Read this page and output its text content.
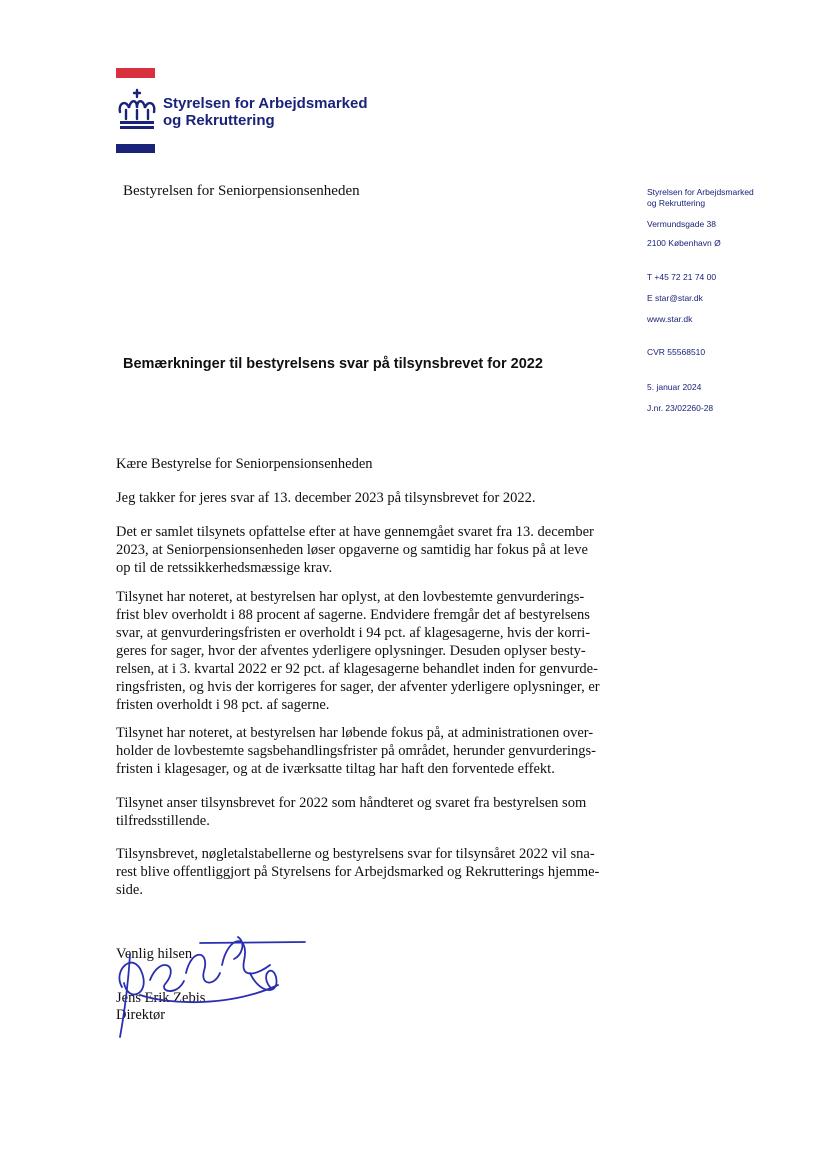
Styrelsen for Arbejdsmarked
og Rekruttering
Bestyrelsen for Seniorpensionsenheden	Styrelsen for Arbejdsmarked
og Rekruttering
Vermundsgade 38
2100 København Ø
T +45 72 21 74 00
E star@star.dk
www.star.dk
CVR 55568510
5. januar 2024
J.nr. 23/02260-28
Bemærkninger til bestyrelsens svar på tilsynsbrevet for 2022
Kære Bestyrelse for Seniorpensionsenheden
Jeg takker for jeres svar af 13. december 2023 på tilsynsbrevet for 2022.
Det er samlet tilsynets opfattelse efter at have gennemgået svaret fra 13. december
2023, at Seniorpensionsenheden løser opgaverne og samtidig har fokus på at leve
op til de retssikkerhedsmæssige krav.
Tilsynet har noteret, at bestyrelsen har oplyst, at den lovbestemte genvurderings-
frist blev overholdt i 88 procent af sagerne. Endvidere fremgår det af bestyrelsens
svar, at genvurderingsfristen er overholdt i 94 pct. af klagesagerne, hvis der korri-
geres for sager, hvor der afventes yderligere oplysninger. Desuden oplyser besty-
relsen, at i 3. kvartal 2022 er 92 pct. af klagesagerne behandlet inden for genvurde-
ringsfristen, og hvis der korrigeres for sager, der afventer yderligere oplysninger, er
fristen overholdt i 98 pct. af sagerne.
Tilsynet har noteret, at bestyrelsen har løbende fokus på, at administrationen over-
holder de lovbestemte sagsbehandlingsfrister på området, herunder genvurderings-
fristen i klagesager, og at de iværksatte tiltag har haft den forventede effekt.
Tilsynet anser tilsynsbrevet for 2022 som håndteret og svaret fra bestyrelsen som
tilfredsstillende.
Tilsynsbrevet, nøgletalstabellerne og bestyrelsens svar for tilsynsåret 2022 vil sna-
rest blive offentliggjort på Styrelsens for Arbejdsmarked og Rekrutterings hjemme-
side.
Venlig hilsen
Jens Erik Zebis
Direktør
